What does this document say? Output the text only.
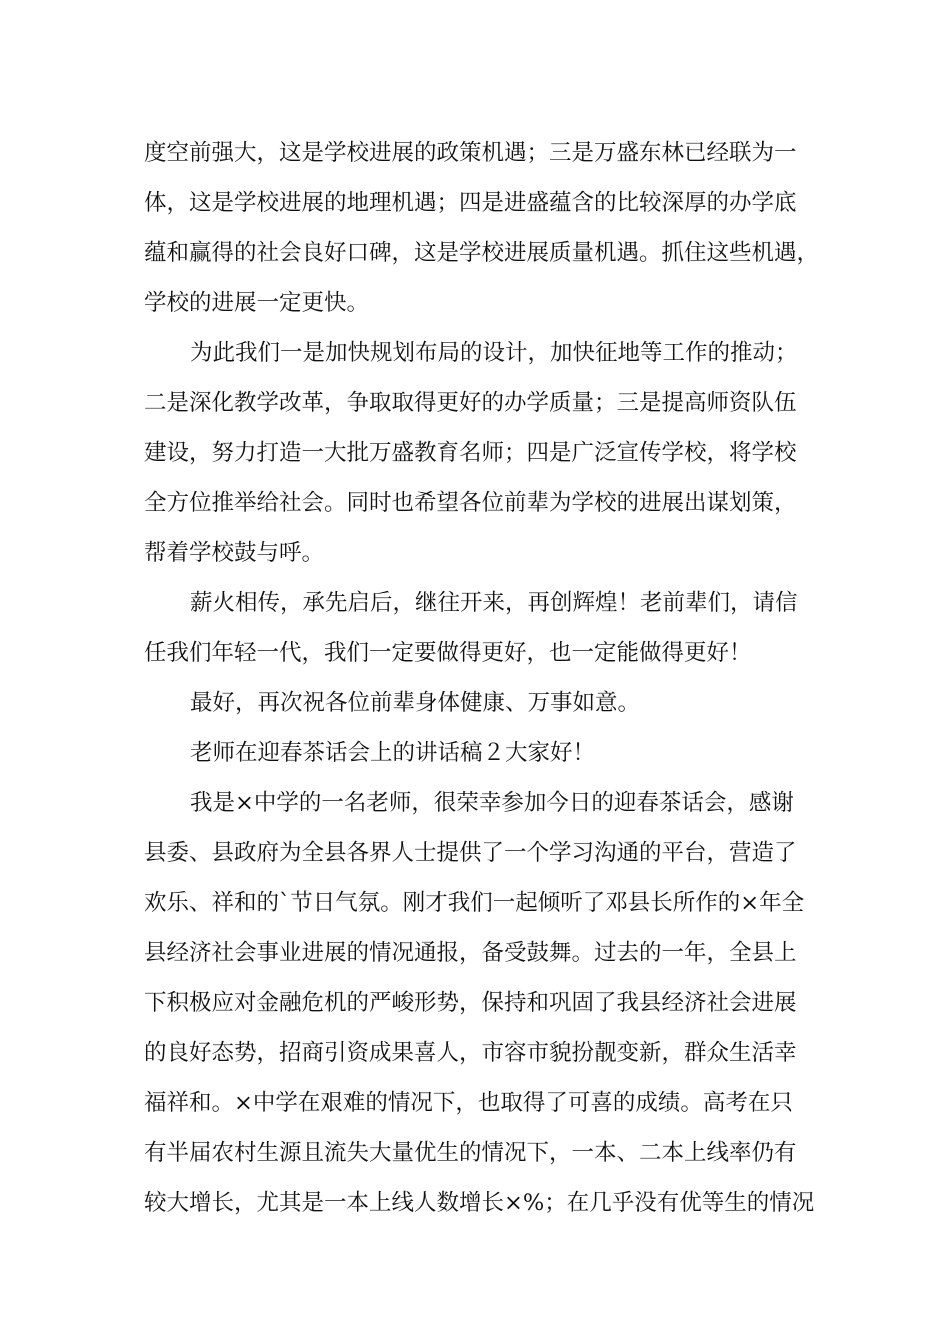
度空前强大，这是学校进展的政策机遇；三是万盛东林已经联为一
体，这是学校进展的地理机遇；四是进盛蕴含的比较深厚的办学底
蕴和赢得的社会良好口碑，这是学校进展质量机遇。抓住这些机遇，
学校的进展一定更快。
为此我们一是加快规划布局的设计，加快征地等工作的推动；
二是深化教学改革，争取取得更好的办学质量；三是提高师资队伍
建设，努力打造一大批万盛教育名师；四是广泛宣传学校，将学校
全方位推举给社会。同时也希望各位前辈为学校的进展出谋划策，
帮着学校鼓与呼。
薪火相传，承先启后，继往开来，再创辉煌！老前辈们，请信
任我们年轻一代，我们一定要做得更好，也一定能做得更好！
最好，再次祝各位前辈身体健康、万事如意。
老师在迎春茶话会上的讲话稿２大家好！
我是×中学的一名老师，很荣幸参加今日的迎春茶话会，感谢
县委、县政府为全县各界人士提供了一个学习沟通的平台，营造了
欢乐、祥和的`节日气氛。刚才我们一起倾听了邓县长所作的×年全
县经济社会事业进展的情况通报，备受鼓舞。过去的一年，全县上
下积极应对金融危机的严峻形势，保持和巩固了我县经济社会进展
的良好态势，招商引资成果喜人，市容市貌扮靓变新，群众生活幸
福祥和。×中学在艰难的情况下，也取得了可喜的成绩。高考在只
有半届农村生源且流失大量优生的情况下，一本、二本上线率仍有
较大增长，尤其是一本上线人数增长×%；在几乎没有优等生的情况
